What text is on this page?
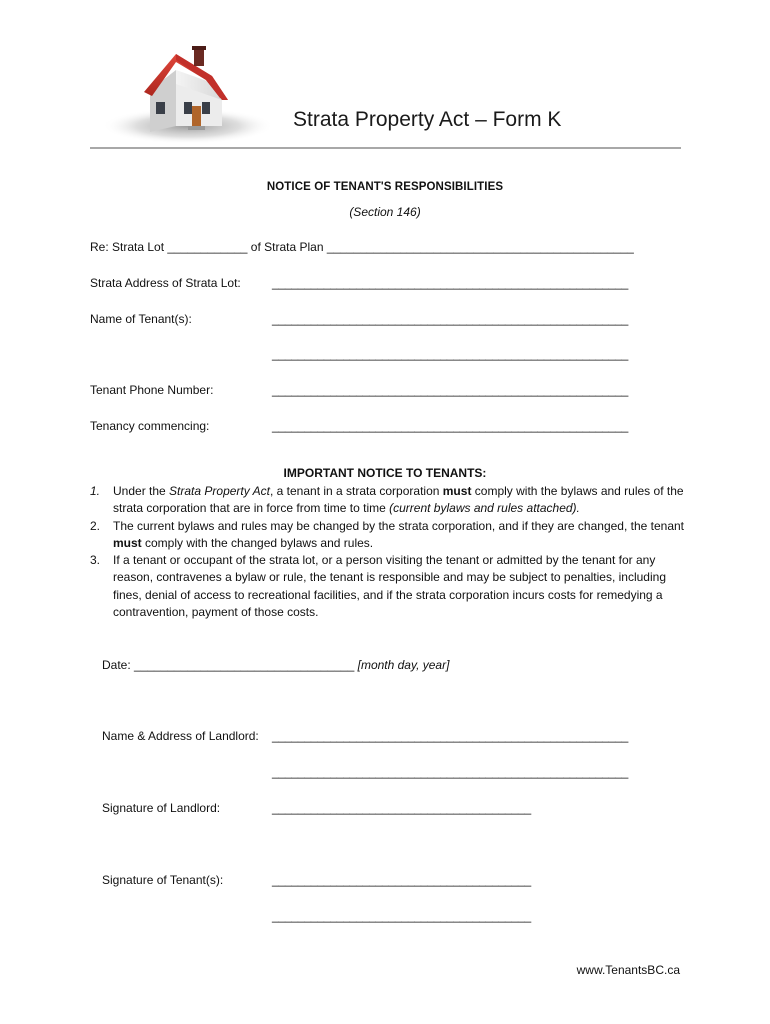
Strata Property Act – Form K
NOTICE OF TENANT'S RESPONSIBILITIES
(Section 146)
Re: Strata Lot ____________ of Strata Plan ______________________________________________
Strata Address of Strata Lot:	_______________________________________________________
Name of Tenant(s):	_______________________________________________________
_______________________________________________________
Tenant Phone Number:	_______________________________________________________
Tenancy commencing:	_______________________________________________________
IMPORTANT NOTICE TO TENANTS:
1.	Under the Strata Property Act, a tenant in a strata corporation must comply with the bylaws and rules of the strata corporation that are in force from time to time (current bylaws and rules attached).
2.	The current bylaws and rules may be changed by the strata corporation, and if they are changed, the tenant must comply with the changed bylaws and rules.
3.	If a tenant or occupant of the strata lot, or a person visiting the tenant or admitted by the tenant for any reason, contravenes a bylaw or rule, the tenant is responsible and may be subject to penalties, including fines, denial of access to recreational facilities, and if the strata corporation incurs costs for remedying a contravention, payment of those costs.
Date: _________________________________ [month day, year]
Name & Address of Landlord: _______________________________________________________
_______________________________________________________
Signature of Landlord:	________________________________________
Signature of Tenant(s):	________________________________________
________________________________________
www.TenantsBC.ca
